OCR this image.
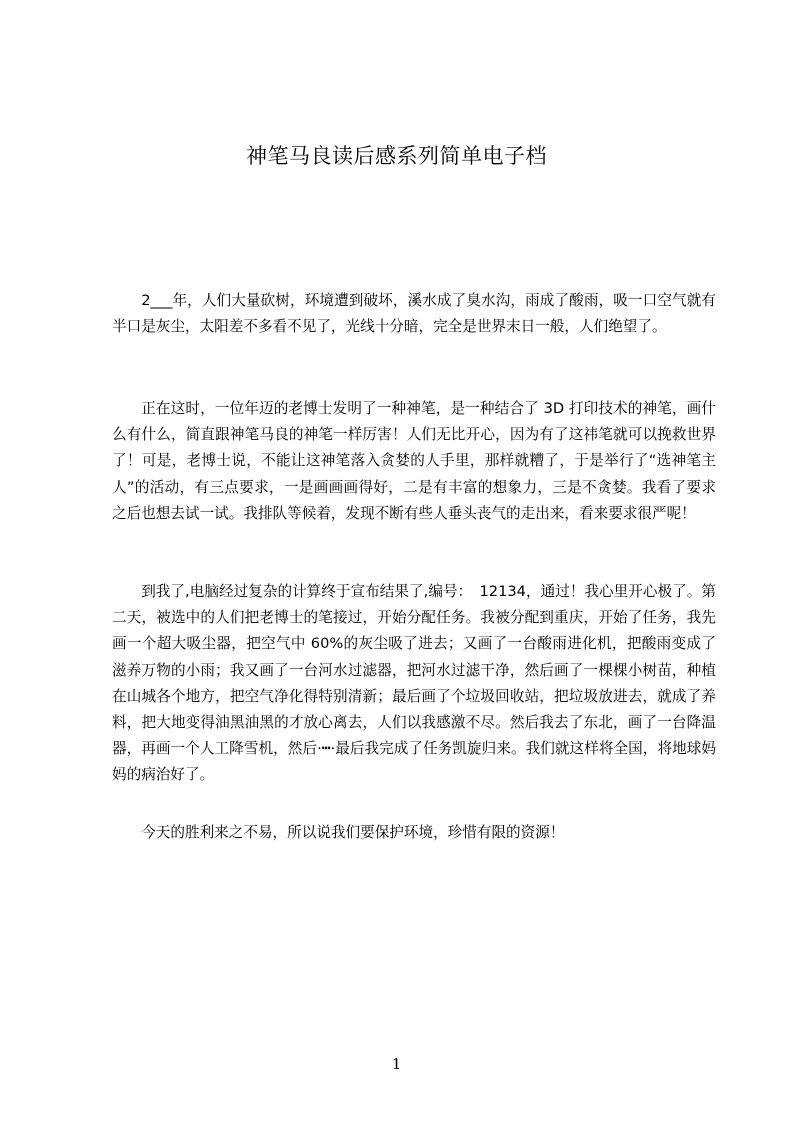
神笔马良读后感系列简单电子档

2___年，人们大量砍树，环境遭到破坏，溪水成了臭水沟，雨成了酸雨，吸一口空气就有半口是灰尘，太阳差不多看不见了，光线十分暗，完全是世界末日一般，人们绝望了。

正在这时，一位年迈的老博士发明了一种神笔，是一种结合了 3D 打印技术的神笔，画什么有什么，简直跟神笔马良的神笔一样厉害！人们无比开心，因为有了这祎笔就可以挽救世界了！可是，老博士说，不能让这神笔落入贪婪的人手里，那样就糟了，于是举行了“选神笔主人”的活动，有三点要求，一是画画画得好，二是有丰富的想象力，三是不贪婪。我看了要求之后也想去试一试。我排队等候着，发现不断有些人垂头丧气的走出来，看来要求很严呢！

到我了,电脑经过复杂的计算终于宣布结果了,编号：　12134，通过！我心里开心极了。第二天，被选中的人们把老博士的笔接过，开始分配任务。我被分配到重庆，开始了任务，我先画一个超大吸尘器，把空气中 60%的灰尘吸了进去；又画了一台酸雨进化机，把酸雨变成了滋养万物的小雨；我又画了一台河水过滤器，把河水过滤干净，然后画了一棵棵小树苗，种植在山城各个地方，把空气净化得特别清新；最后画了个垃圾回收站，把垃圾放进去，就成了养料，把大地变得油黑油黑的才放心离去，人们以我感激不尽。然后我去了东北，画了一台降温器，再画一个人工降雪机，然后·┅·最后我完成了任务凯旋归来。我们就这样将全国，将地球妈妈的病治好了。

今天的胜利来之不易，所以说我们要保护环境，珍惜有限的资源！

1
